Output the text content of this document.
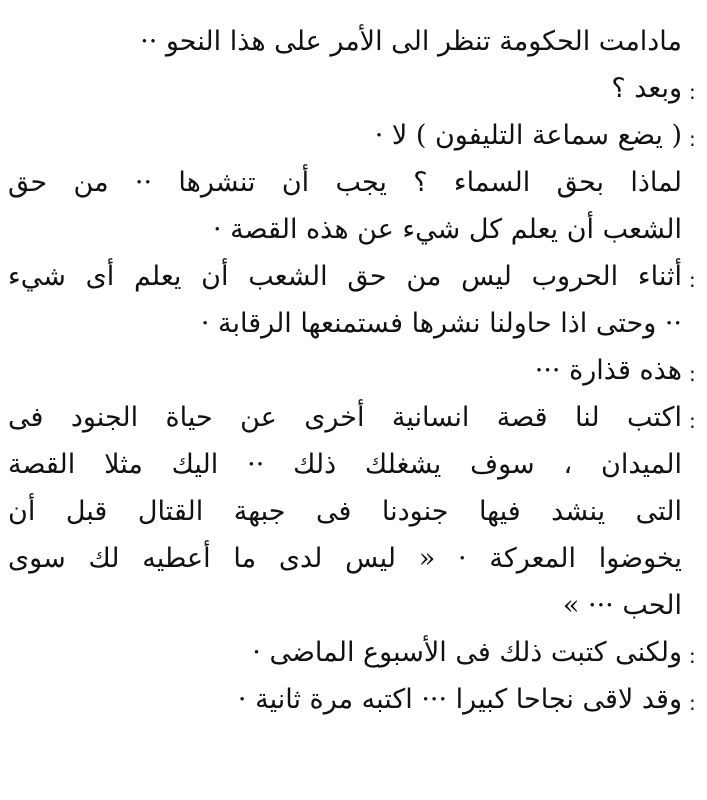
مادامت الحكومة تنظر الى الأمر على هذا النحو ··
وبعد ؟ :
( يضع سماعة التليفون ) لا · :
لماذا بحق السماء ؟ يجب أن تنشرها ·· من حق
الشعب أن يعلم كل شيء عن هذه القصة ·
أثناء الحروب ليس من حق الشعب أن يعلم أى شيء :
·· وحتى اذا حاولنا نشرها فستمنعها الرقابة ·
هذه قذارة ··· :
اكتب لنا قصة انسانية أخرى عن حياة الجنود فى :
الميدان ، سوف يشغلك ذلك ·· اليك مثلا القصة
التى ينشد فيها جنودنا فى جبهة القتال قبل أن
يخوضوا المعركة · « ليس لدى ما أعطيه لك سوى
الحب ··· »
ولكنى كتبت ذلك فى الأسبوع الماضى · :
وقد لاقى نجاحا كبيرا ··· اكتبه مرة ثانية · :
